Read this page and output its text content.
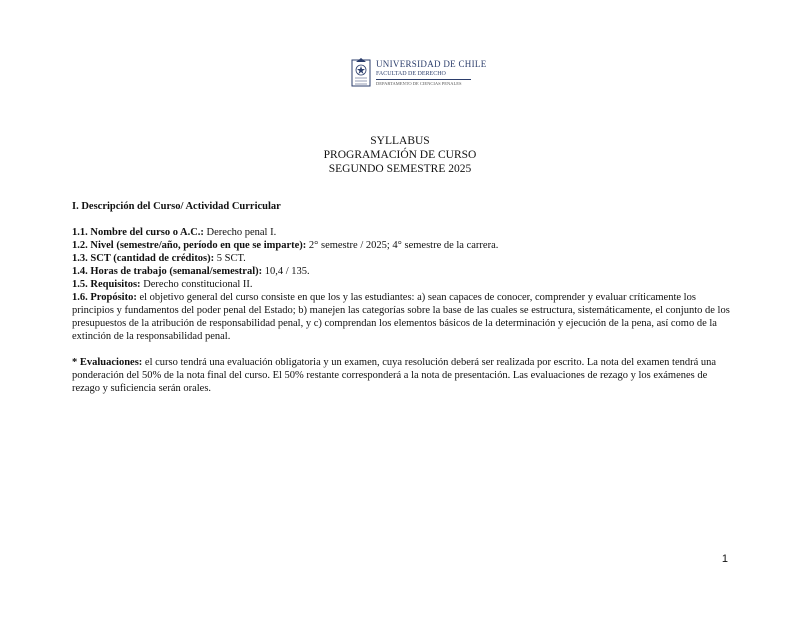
UNIVERSIDAD DE CHILE
FACULTAD DE DERECHO
DEPARTAMENTO DE CIENCIAS PENALES
SYLLABUS
PROGRAMACIÓN DE CURSO
SEGUNDO SEMESTRE 2025

I. Descripción del Curso/ Actividad Curricular

1.1. Nombre del curso o A.C.: Derecho penal I.

1.2. Nivel (semestre/año, período en que se imparte): 2° semestre / 2025; 4° semestre de la carrera.

1.3. SCT (cantidad de créditos): 5 SCT.

1.4. Horas de trabajo (semanal/semestral): 10,4 / 135.

1.5. Requisitos: Derecho constitucional II.

1.6. Propósito: el objetivo general del curso consiste en que los y las estudiantes: a) sean capaces de conocer, comprender y evaluar críticamente los principios y fundamentos del poder penal del Estado; b) manejen las categorías sobre la base de las cuales se estructura, sistemáticamente, el conjunto de los presupuestos de la atribución de responsabilidad penal, y c) comprendan los elementos básicos de la determinación y ejecución de la pena, así como de la extinción de la responsabilidad penal.

* Evaluaciones: el curso tendrá una evaluación obligatoria y un examen, cuya resolución deberá ser realizada por escrito. La nota del examen tendrá una ponderación del 50% de la nota final del curso. El 50% restante corresponderá a la nota de presentación. Las evaluaciones de rezago y los exámenes de rezago y suficiencia serán orales.

1
